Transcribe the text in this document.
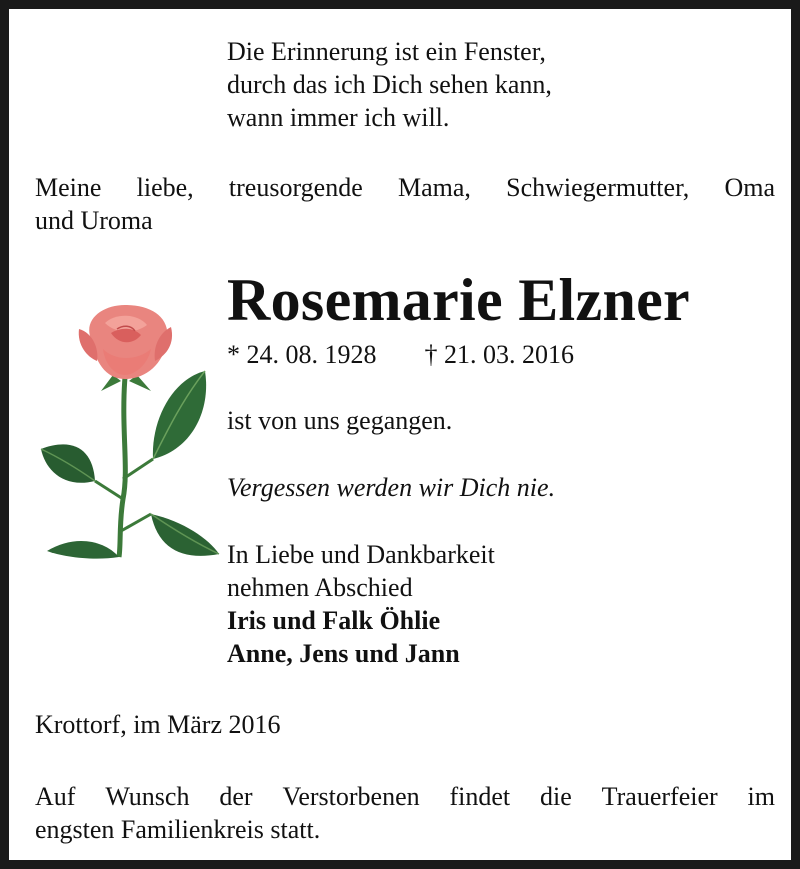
Die Erinnerung ist ein Fenster,
durch das ich Dich sehen kann,
wann immer ich will.
Meine liebe, treusorgende Mama, Schwiegermutter, Oma
und Uroma
Rosemarie Elzner
* 24. 08. 1928 † 21. 03. 2016
ist von uns gegangen.
Vergessen werden wir Dich nie.
In Liebe und Dankbarkeit
nehmen Abschied
Iris und Falk Öhlie
Anne, Jens und Jann
Krottorf, im März 2016
Auf Wunsch der Verstorbenen findet die Trauerfeier im
engsten Familienkreis statt.
